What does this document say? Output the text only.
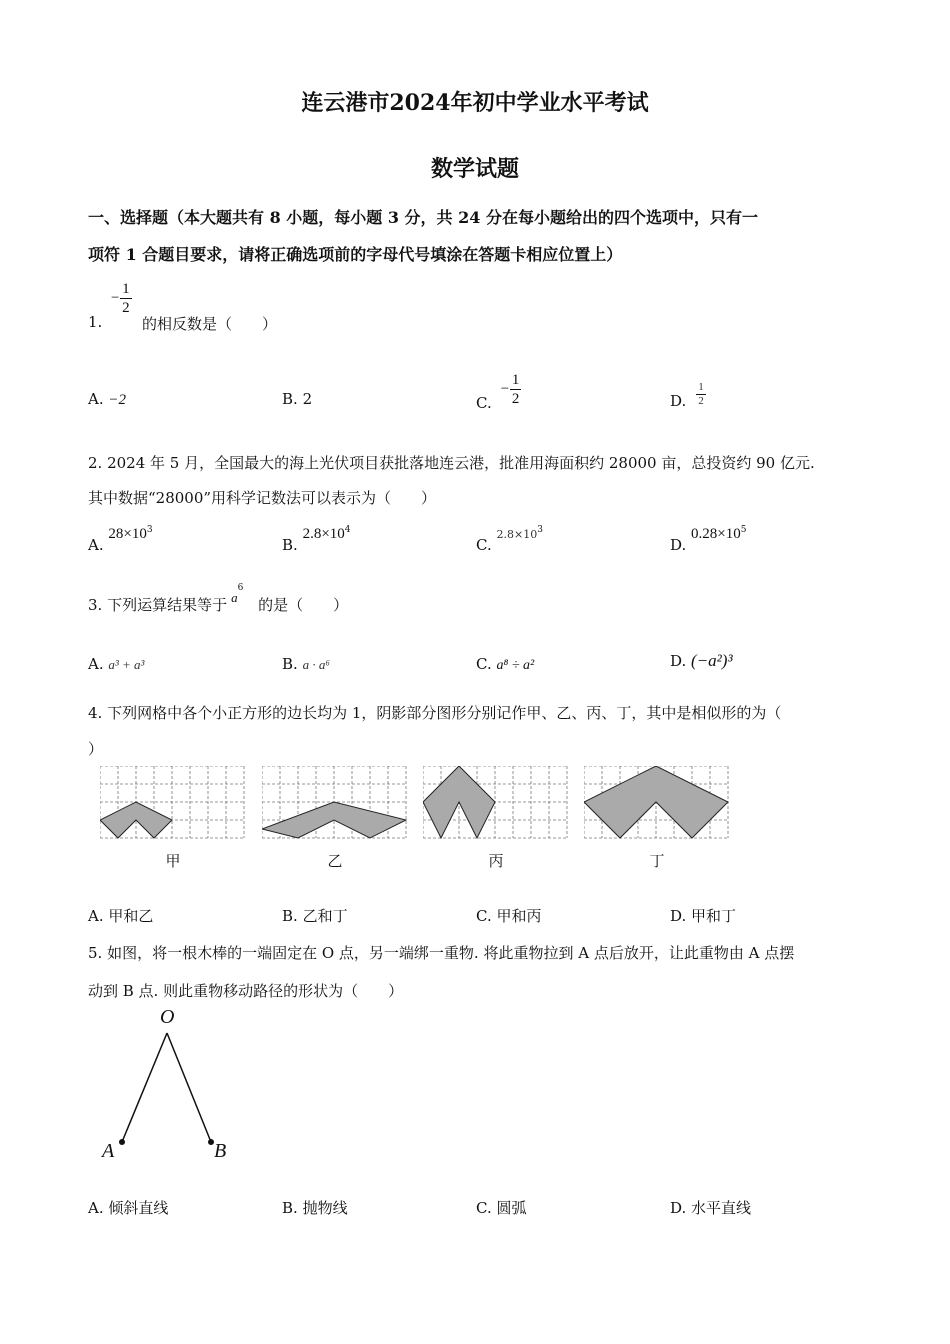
连云港市2024年初中学业水平考试
数学试题
一、选择题（本大题共有 8 小题，每小题 3 分，共 24 分在每小题给出的四个选项中，只有一
项符 1 合题目要求，请将正确选项前的字母代号填涂在答题卡相应位置上）
1.
− $\frac{1}{2}$
的相反数是（　　）
A. −2	B. 2	C.
− $\frac{1}{2}$	D. $\frac{1}{2}$
2. 2024 年 5 月，全国最大的海上光伏项目获批落地连云港，批准用海面积约 28000 亩，总投资约 90 亿元.
其中数据“28000”用科学记数法可以表示为（　　）
A. $28\times 10^3$
B. $2.8\times 10^4$
C. $2.8\times 10^3$
D. $0.28\times 10^5$
3. 下列运算结果等于 $a^6$ 的是（　　）
A. a³ + a³	B. a · a⁶	C. a⁸ ÷ a²	D. (−a²)³
4. 下列网格中各个小正方形的边长均为 1，阴影部分图形分别记作甲、乙、丙、丁，其中是相似形的为（
）
甲	乙	丙	丁
A. 甲和乙	B. 乙和丁	C. 甲和丙	D. 甲和丁
5. 如图，将一根木棒的一端固定在 O 点，另一端绑一重物. 将此重物拉到 A 点后放开，让此重物由 A 点摆
动到 B 点. 则此重物移动路径的形状为（　　）
O
A	B
A. 倾斜直线	B. 抛物线	C. 圆弧	D. 水平直线
